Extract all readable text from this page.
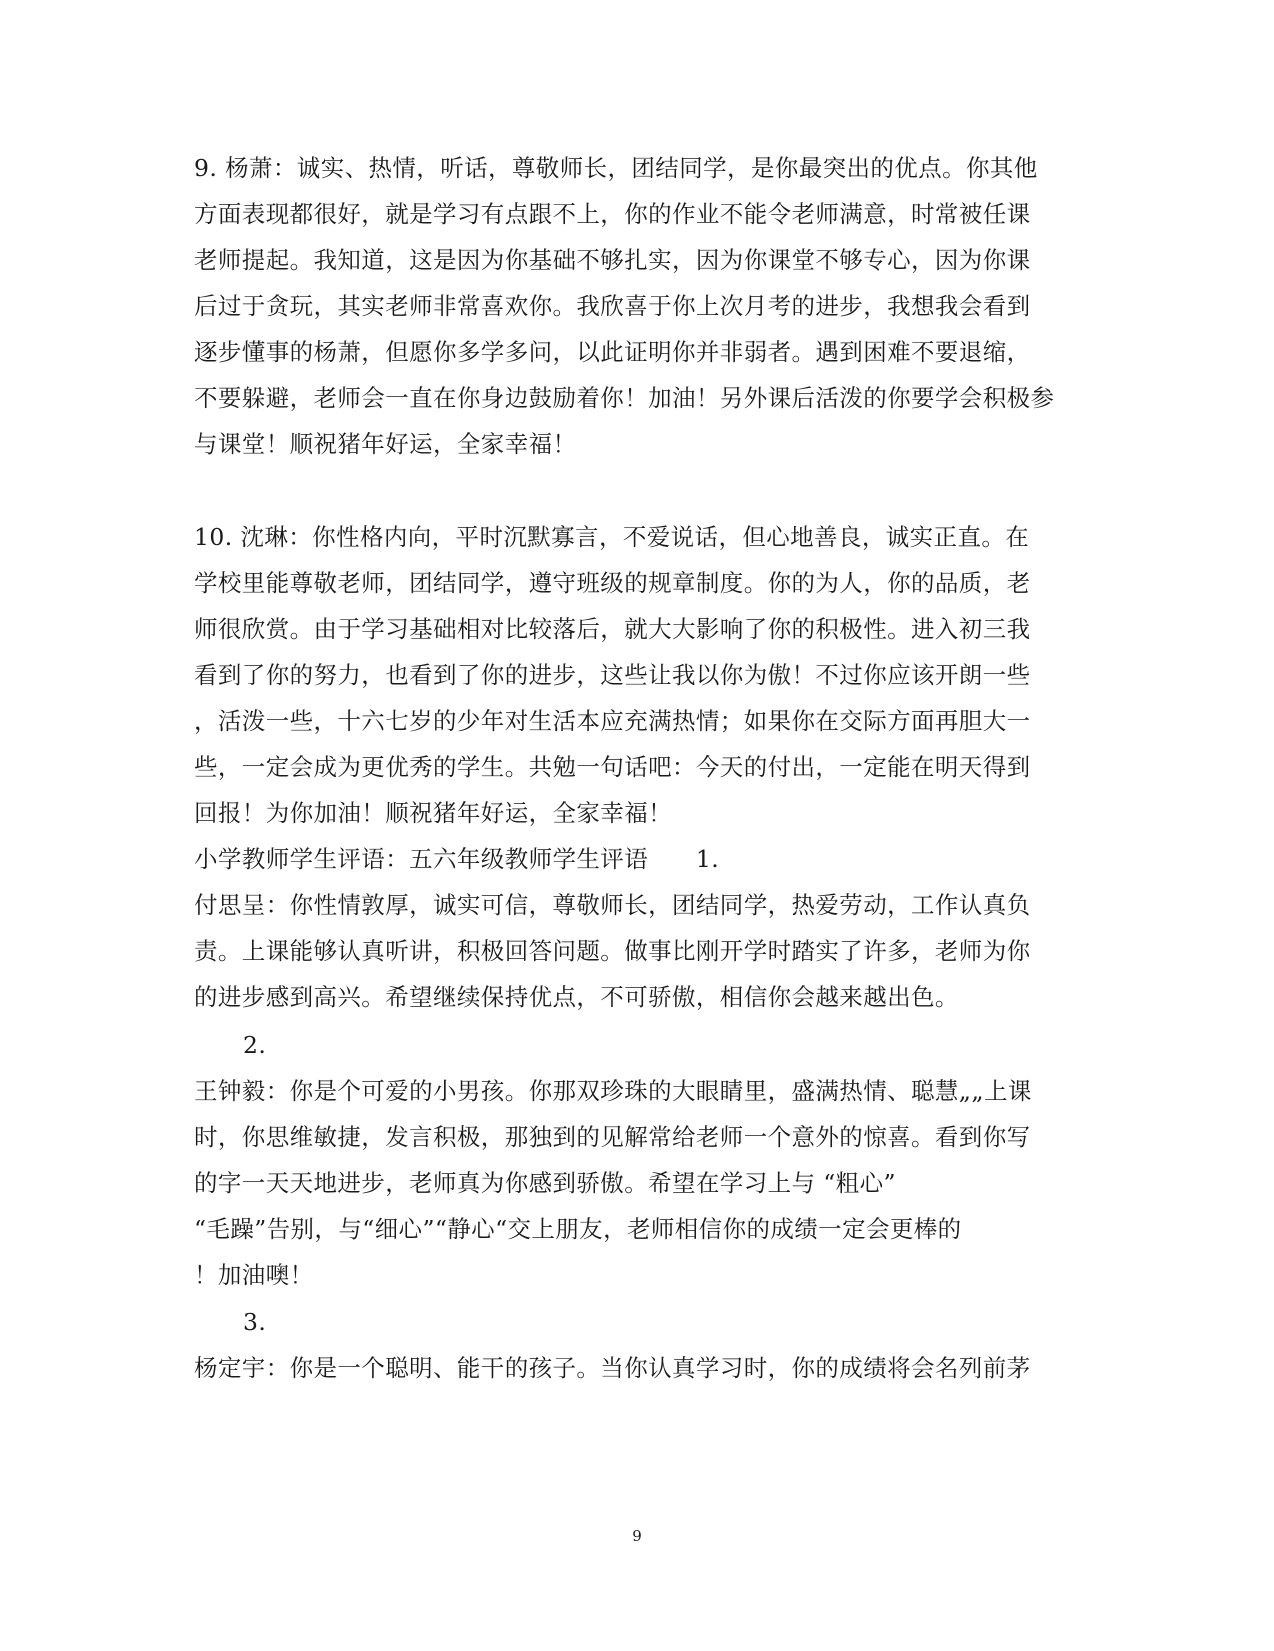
9. 杨萧：诚实、热情，听话，尊敬师长，团结同学，是你最突出的优点。你其他
方面表现都很好，就是学习有点跟不上，你的作业不能令老师满意，时常被任课
老师提起。我知道，这是因为你基础不够扎实，因为你课堂不够专心，因为你课
后过于贪玩，其实老师非常喜欢你。我欣喜于你上次月考的进步，我想我会看到
逐步懂事的杨萧，但愿你多学多问，以此证明你并非弱者。遇到困难不要退缩，
不要躲避，老师会一直在你身边鼓励着你！加油！另外课后活泼的你要学会积极参
与课堂！顺祝猪年好运，全家幸福！
10. 沈琳：你性格内向，平时沉默寡言，不爱说话，但心地善良，诚实正直。在
学校里能尊敬老师，团结同学，遵守班级的规章制度。你的为人，你的品质，老
师很欣赏。由于学习基础相对比较落后，就大大影响了你的积极性。进入初三我
看到了你的努力，也看到了你的进步，这些让我以你为傲！不过你应该开朗一些
，活泼一些，十六七岁的少年对生活本应充满热情；如果你在交际方面再胆大一
些，一定会成为更优秀的学生。共勉一句话吧：今天的付出，一定能在明天得到
回报！为你加油！顺祝猪年好运，全家幸福！
小学教师学生评语：五六年级教师学生评语　　1.
付思呈：你性情敦厚，诚实可信，尊敬师长，团结同学，热爱劳动，工作认真负
责。上课能够认真听讲，积极回答问题。做事比刚开学时踏实了许多，老师为你
的进步感到高兴。希望继续保持优点，不可骄傲，相信你会越来越出色。
2.
王钟毅：你是个可爱的小男孩。你那双珍珠的大眼睛里，盛满热情、聪慧„„上课
时，你思维敏捷，发言积极，那独到的见解常给老师一个意外的惊喜。看到你写
的字一天天地进步，老师真为你感到骄傲。希望在学习上与 “粗心”
“毛躁”告别，与“细心”“静心“交上朋友，老师相信你的成绩一定会更棒的
！加油噢！
3.
杨定宇：你是一个聪明、能干的孩子。当你认真学习时，你的成绩将会名列前茅
9
